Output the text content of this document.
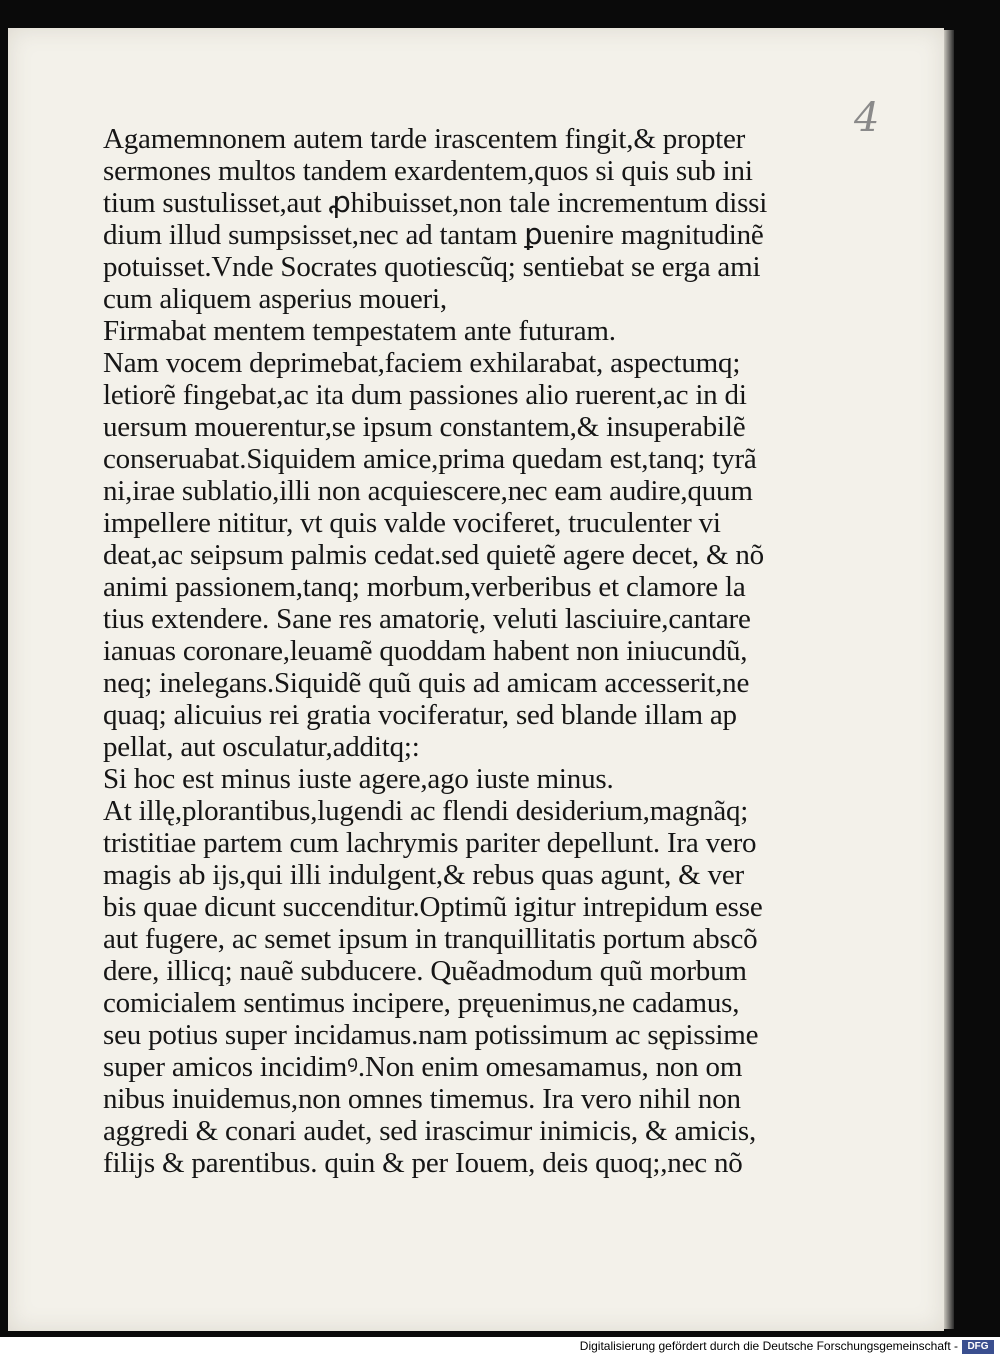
4
Agamemnonem autem tarde irascentem fingit,& propter
sermones multos tandem exardentem,quos si quis sub ini
tium sustulisset,aut ꝓhibuisset,non tale incrementum dissi
dium illud sumpsisset,nec ad tantam ꝑuenire magnitudinẽ
potuisset.Vnde Socrates quotiescũq; sentiebat se erga ami
cum aliquem asperius moueri,
Firmabat mentem tempestatem ante futuram.
Nam vocem deprimebat,faciem exhilarabat, aspectumq;
letiorẽ fingebat,ac ita dum passiones alio ruerent,ac in di
uersum mouerentur,se ipsum constantem,& insuperabilẽ
conseruabat.Siquidem amice,prima quedam est,tanq; tyrã
ni,irae sublatio,illi non acquiescere,nec eam audire,quum
impellere nititur, vt quis valde vociferet, truculenter vi
deat,ac seipsum palmis cedat.sed quietẽ agere decet, & nõ
animi passionem,tanq; morbum,verberibus et clamore la
tius extendere. Sane res amatorię, veluti lasciuire,cantare
ianuas coronare,leuamẽ quoddam habent non iniucundũ,
neq; inelegans.Siquidẽ quũ quis ad amicam accesserit,ne
quaq; alicuius rei gratia vociferatur, sed blande illam ap
pellat, aut osculatur,additq;:
Si hoc est minus iuste agere,ago iuste minus.
At illę,plorantibus,lugendi ac flendi desiderium,magnãq;
tristitiae partem cum lachrymis pariter depellunt. Ira vero
magis ab ijs,qui illi indulgent,& rebus quas agunt, & ver
bis quae dicunt succenditur.Optimũ igitur intrepidum esse
aut fugere, ac semet ipsum in tranquillitatis portum abscõ
dere, illicq; nauẽ subducere. Quẽadmodum quũ morbum
comicialem sentimus incipere, pręuenimus,ne cadamus,
seu potius super incidamus.nam potissimum ac sępissime
super amicos incidimꝰ.Non enim omesamamus, non om
nibus inuidemus,non omnes timemus. Ira vero nihil non
aggredi & conari audet, sed irascimur inimicis, & amicis,
filijs & parentibus. quin & per Iouem, deis quoq;,nec nõ
Digitalisierung gefördert durch die Deutsche Forschungsgemeinschaft - DFG
